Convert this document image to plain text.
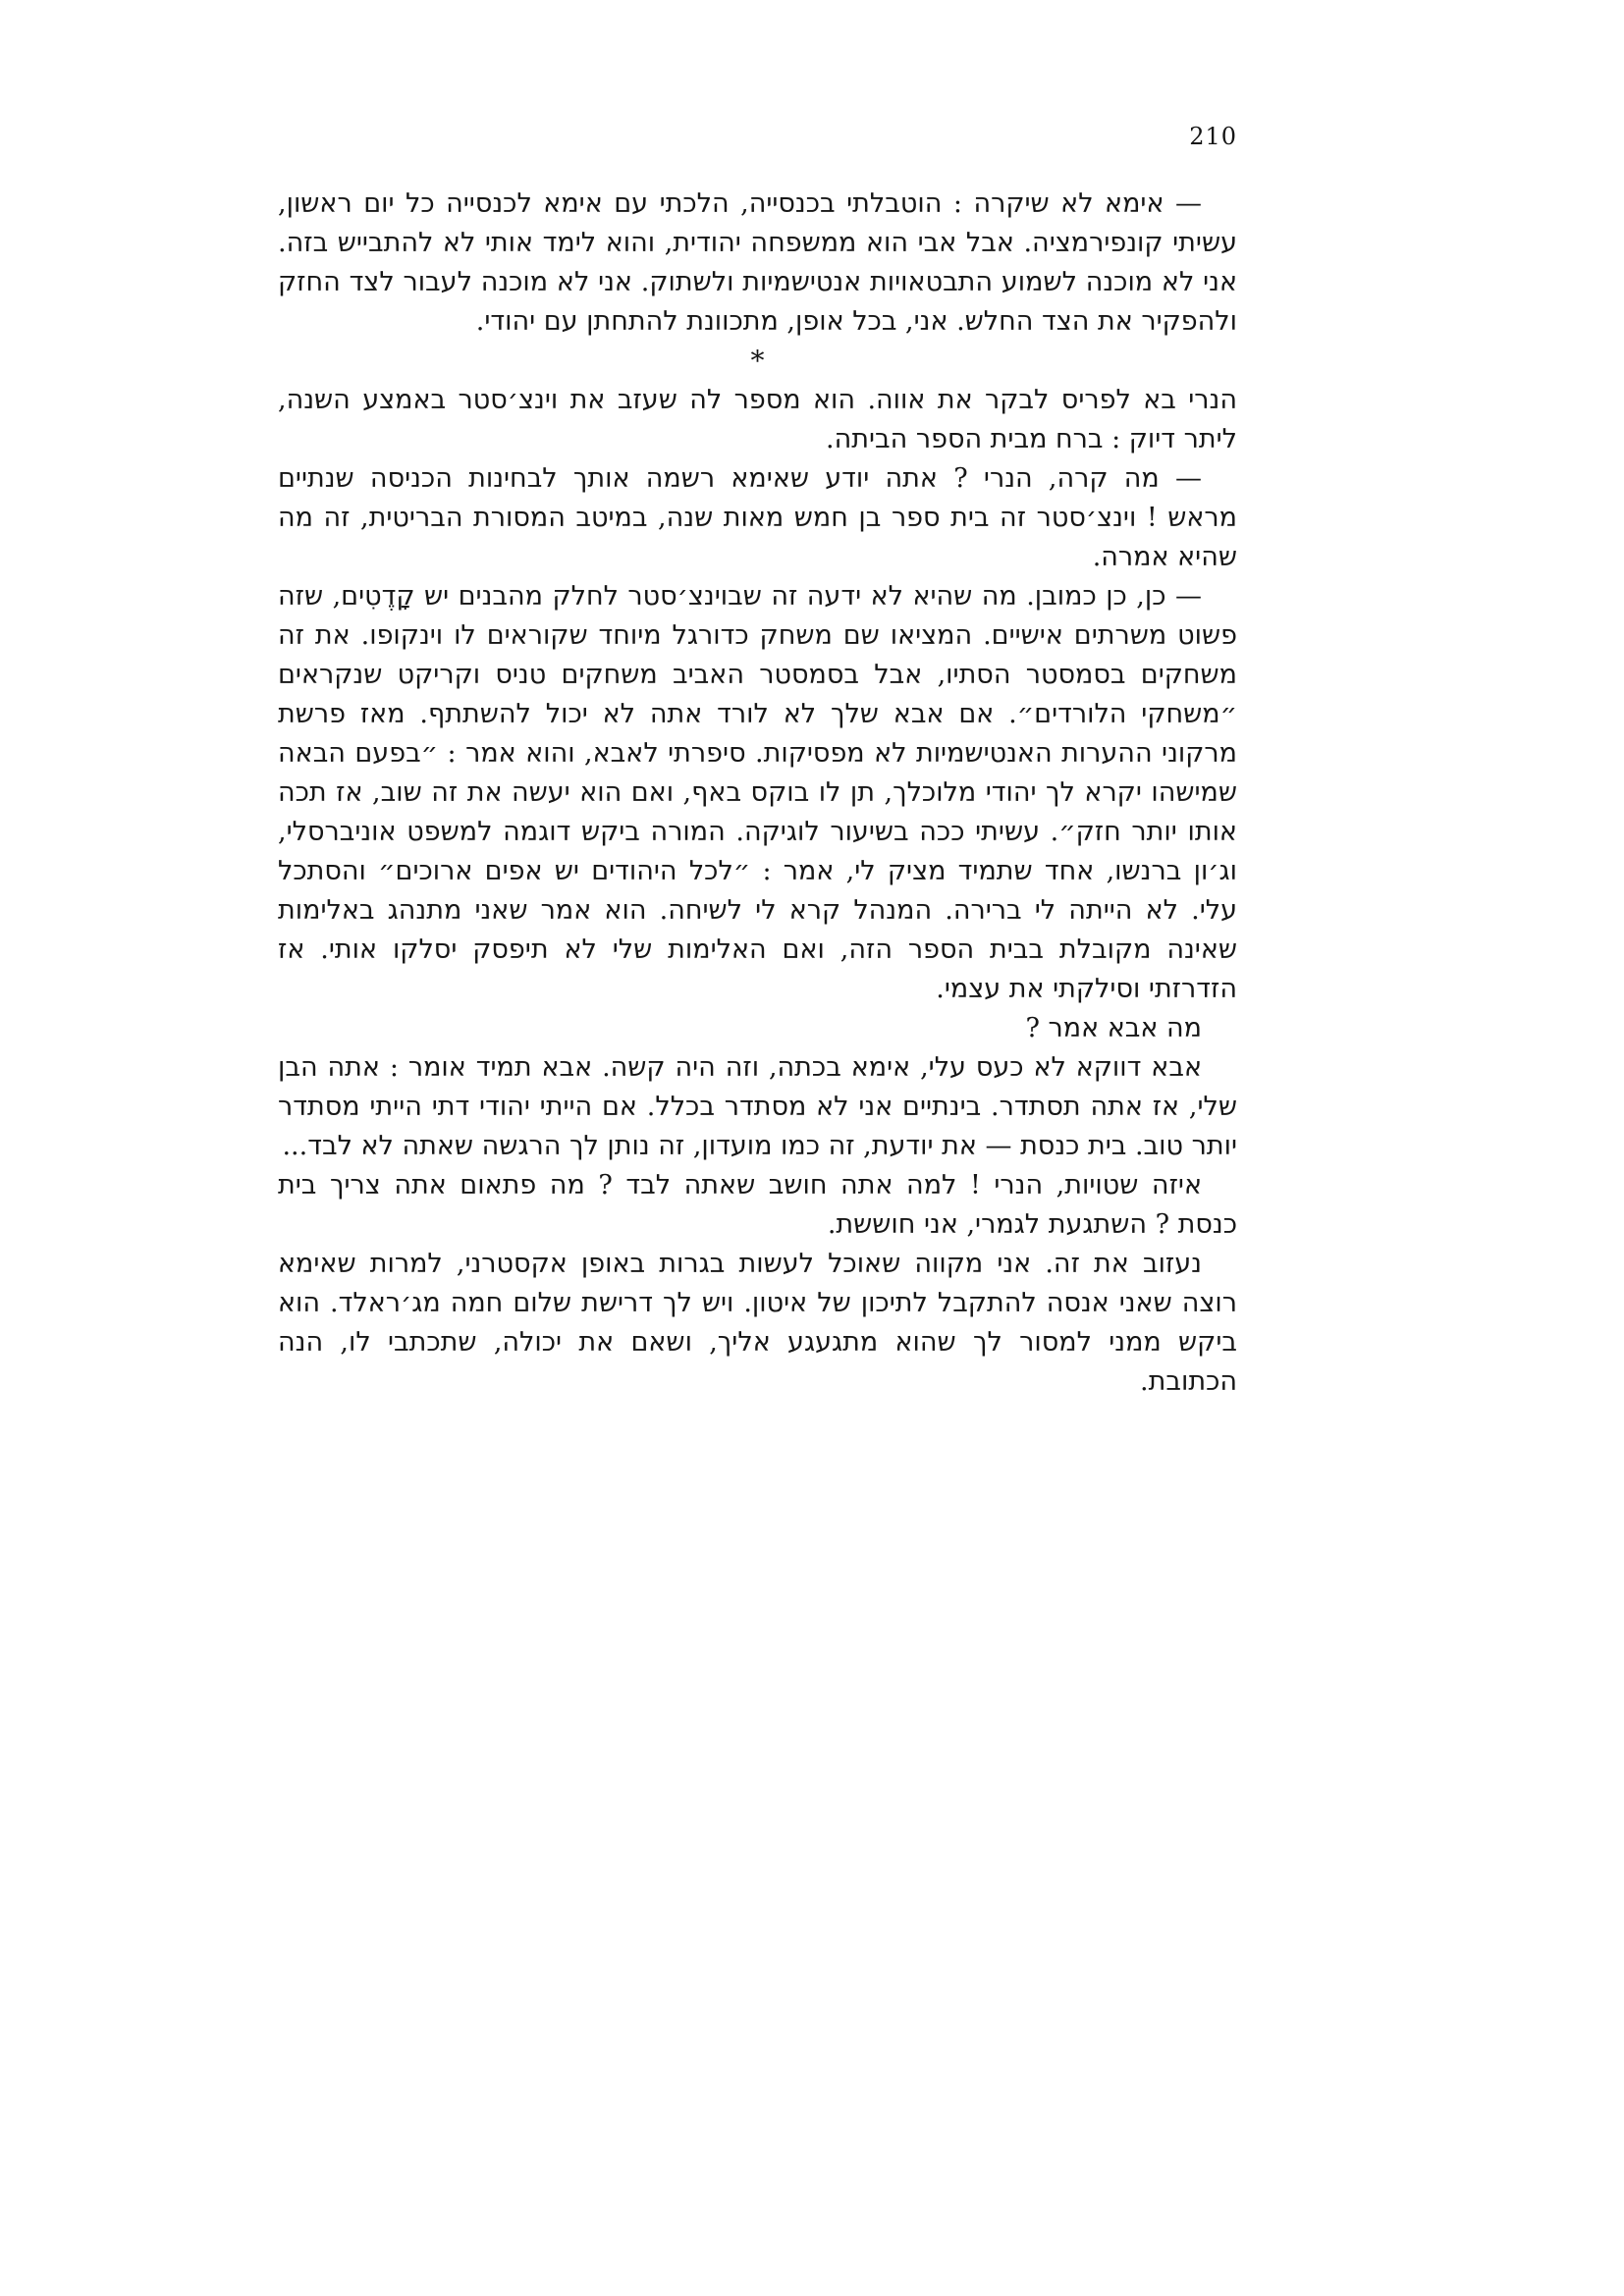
210

— אימא לא שיקרה : הוטבלתי בכנסייה, הלכתי עם אימא לכנסייה כל יום ראשון, עשיתי קונפירמציה. אבל אבי הוא ממשפחה יהודית, והוא לימד אותי לא להתבייש בזה. אני לא מוכנה לשמוע התבטאויות אנטישמיות ולשתוק. אני לא מוכנה לעבור לצד החזק ולהפקיר את הצד החלש. אני, בכל אופן, מתכוונת להתחתן עם יהודי.

*

הנרי בא לפריס לבקר את אווה. הוא מספר לה שעזב את וינצ׳סטר באמצע השנה, ליתר דיוק : ברח מבית הספר הביתה.

— מה קרה, הנרי ? אתה יודע שאימא רשמה אותך לבחינות הכניסה שנתיים מראש ! וינצ׳סטר זה בית ספר בן חמש מאות שנה, במיטב המסורת הבריטית, זה מה שהיא אמרה.

— כן, כן כמובן. מה שהיא לא ידעה זה שבוינצ׳סטר לחלק מהבנים יש קָדֶטִים, שזה פשוט משרתים אישיים. המציאו שם משחק כדורגל מיוחד שקוראים לו וינקופו. את זה משחקים בסמסטר הסתיו, אבל בסמסטר האביב משחקים טניס וקריקט שנקראים ״משחקי הלורדים״. אם אבא שלך לא לורד אתה לא יכול להשתתף. מאז פרשת מרקוני ההערות האנטישמיות לא מפסיקות. סיפרתי לאבא, והוא אמר : ״בפעם הבאה שמישהו יקרא לך יהודי מלוכלך, תן לו בוקס באף, ואם הוא יעשה את זה שוב, אז תכה אותו יותר חזק״. עשיתי ככה בשיעור לוגיקה. המורה ביקש דוגמה למשפט אוניברסלי, וג׳ון ברנשו, אחד שתמיד מציק לי, אמר : ״לכל היהודים יש אפים ארוכים״ והסתכל עלי. לא הייתה לי ברירה. המנהל קרא לי לשיחה. הוא אמר שאני מתנהג באלימות שאינה מקובלת בבית הספר הזה, ואם האלימות שלי לא תיפסק יסלקו אותי. אז הזדרזתי וסילקתי את עצמי.

מה אבא אמר ?

אבא דווקא לא כעס עלי, אימא בכתה, וזה היה קשה. אבא תמיד אומר : אתה הבן שלי, אז אתה תסתדר. בינתיים אני לא מסתדר בכלל. אם הייתי יהודי דתי הייתי מסתדר יותר טוב. בית כנסת — את יודעת, זה כמו מועדון, זה נותן לך הרגשה שאתה לא לבד...

איזה שטויות, הנרי ! למה אתה חושב שאתה לבד ? מה פתאום אתה צריך בית כנסת ? השתגעת לגמרי, אני חוששת.

נעזוב את זה. אני מקווה שאוכל לעשות בגרות באופן אקסטרני, למרות שאימא רוצה שאני אנסה להתקבל לתיכון של איטון. ויש לך דרישת שלום חמה מג׳ראלד. הוא ביקש ממני למסור לך שהוא מתגעגע אליך, ושאם את יכולה, שתכתבי לו, הנה הכתובת.
